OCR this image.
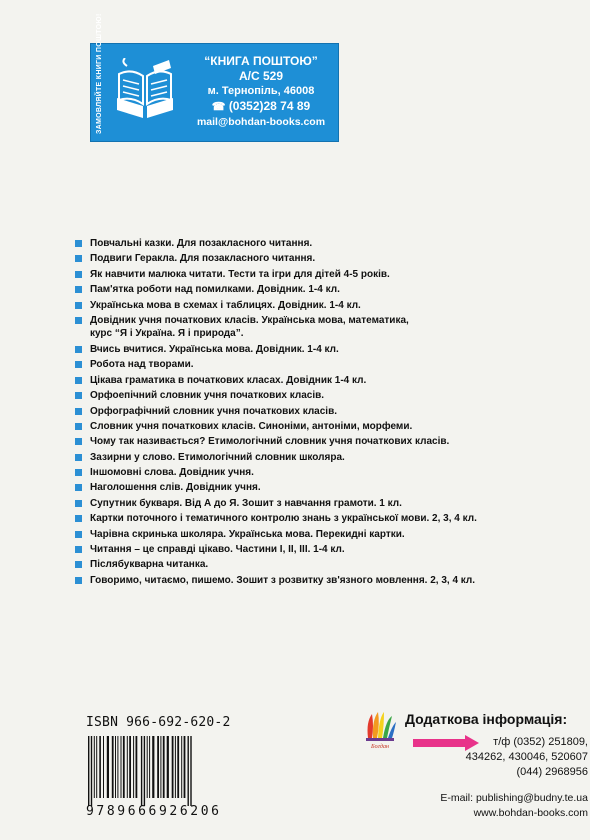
ЗАМОВЛЯЙТЕ КНИГИ ПОШТОЮ!	“КНИГА ПОШТОЮ”
А/С 529
м. Тернопіль, 46008
☎ (0352)28 74 89
mail@bohdan-books.com
Повчальні казки. Для позакласного читання.
Подвиги Геракла. Для позакласного читання.
Як навчити малюка читати. Тести та ігри для дітей 4-5 років.
Пам'ятка роботи над помилками. Довідник. 1-4 кл.
Українська мова в схемах і таблицях. Довідник. 1-4 кл.
Довідник учня початкових класів. Українська мова, математика,
курс “Я і Україна. Я і природа”.
Вчись вчитися. Українська мова. Довідник. 1-4 кл.
Робота над творами.
Цікава граматика в початкових класах. Довідник 1-4 кл.
Орфоепічний словник учня початкових класів.
Орфографічний словник учня початкових класів.
Словник учня початкових класів. Синоніми, антоніми, морфеми.
Чому так називається? Етимологічний словник учня початкових класів.
Зазирни у слово. Етимологічний словник школяра.
Іншомовні слова. Довідник учня.
Наголошення слів. Довідник учня.
Супутник букваря. Від А до Я. Зошит з навчання грамоти. 1 кл.
Картки поточного і тематичного контролю знань з української мови. 2, 3, 4 кл.
Чарівна скринька школяра. Українська мова. Перекидні картки.
Читання – це справді цікаво. Частини I, II, III. 1-4 кл.
Післябукварна читанка.
Говоримо, читаємо, пишемо. Зошит з розвитку зв'язного мовлення. 2, 3, 4 кл.
ISBN 966-692-620-2
9789666926206
Богдан
Додаткова інформація:
т/ф (0352) 251809,
434262, 430046, 520607
(044) 2968956
E-mail: publishing@budny.te.ua
www.bohdan-books.com
